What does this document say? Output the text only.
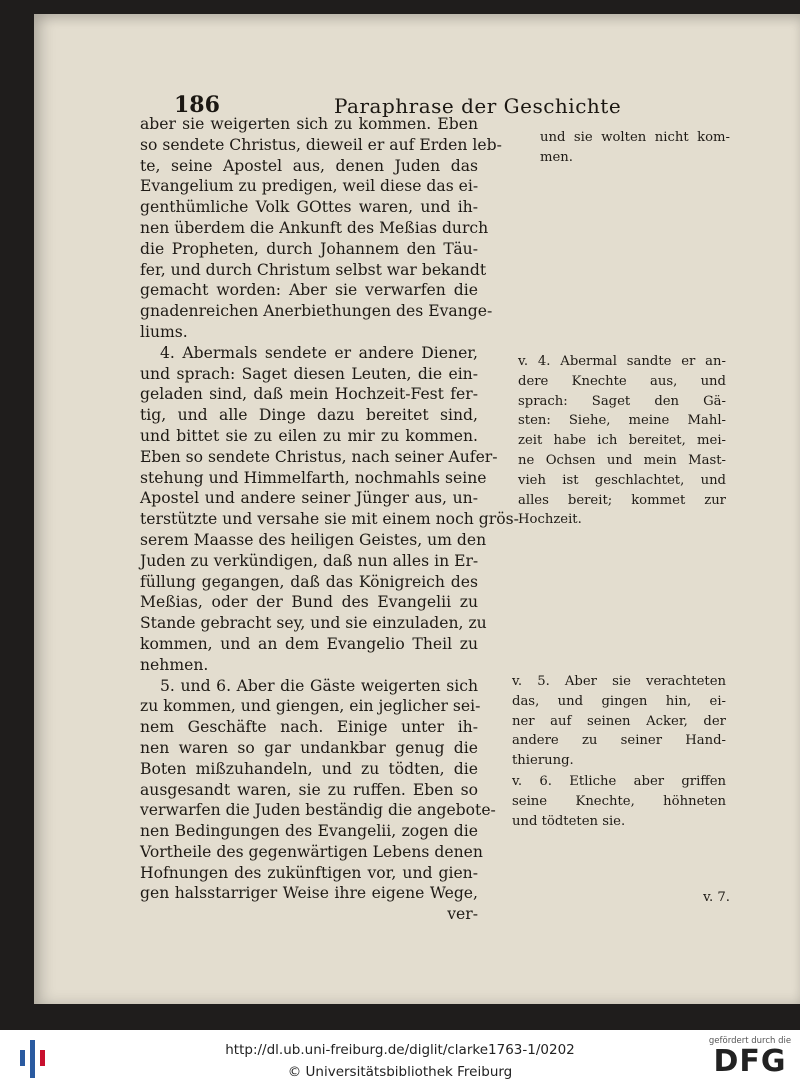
186	Paraphrase der Geschichte
aber sie weigerten sich zu kommen. Eben
so sendete Christus, dieweil er auf Erden leb-
te, seine Apostel aus, denen Juden das
Evangelium zu predigen, weil diese das ei-
genthümliche Volk GOttes waren, und ih-
nen überdem die Ankunft des Meßias durch
die Propheten, durch Johannem den Täu-
fer, und durch Christum selbst war bekandt
gemacht worden: Aber sie verwarfen die
gnadenreichen Anerbiethungen des Evange-
liums.
4. Abermals sendete er andere Diener,
und sprach: Saget diesen Leuten, die ein-
geladen sind, daß mein Hochzeit-Fest fer-
tig, und alle Dinge dazu bereitet sind,
und bittet sie zu eilen zu mir zu kommen.
Eben so sendete Christus, nach seiner Aufer-
stehung und Himmelfarth, nochmahls seine
Apostel und andere seiner Jünger aus, un-
terstützte und versahe sie mit einem noch grös-
serem Maasse des heiligen Geistes, um den
Juden zu verkündigen, daß nun alles in Er-
füllung gegangen, daß das Königreich des
Meßias, oder der Bund des Evangelii zu
Stande gebracht sey, und sie einzuladen, zu
kommen, und an dem Evangelio Theil zu
nehmen.
5. und 6. Aber die Gäste weigerten sich
zu kommen, und giengen, ein jeglicher sei-
nem Geschäfte nach. Einige unter ih-
nen waren so gar undankbar genug die
Boten mißzuhandeln, und zu tödten, die
ausgesandt waren, sie zu ruffen. Eben so
verwarfen die Juden beständig die angebote-
nen Bedingungen des Evangelii, zogen die
Vortheile des gegenwärtigen Lebens denen
Hofnungen des zukünftigen vor, und gien-
gen halsstarriger Weise ihre eigene Wege,
ver-
und sie wolten nicht kom-
men.
v. 4. Abermal sandte er an-
dere Knechte aus, und
sprach: Saget den Gä-
sten: Siehe, meine Mahl-
zeit habe ich bereitet, mei-
ne Ochsen und mein Mast-
vieh ist geschlachtet, und
alles bereit; kommet zur
Hochzeit.
v. 5. Aber sie verachteten
das, und gingen hin, ei-
ner auf seinen Acker, der
andere zu seiner Hand-
thierung.
v. 6. Etliche aber griffen
seine Knechte, höhneten
und tödteten sie.
v. 7.
http://dl.ub.uni-freiburg.de/diglit/clarke1763-1/0202
© Universitätsbibliothek Freiburg
gefördert durch die
DFG
